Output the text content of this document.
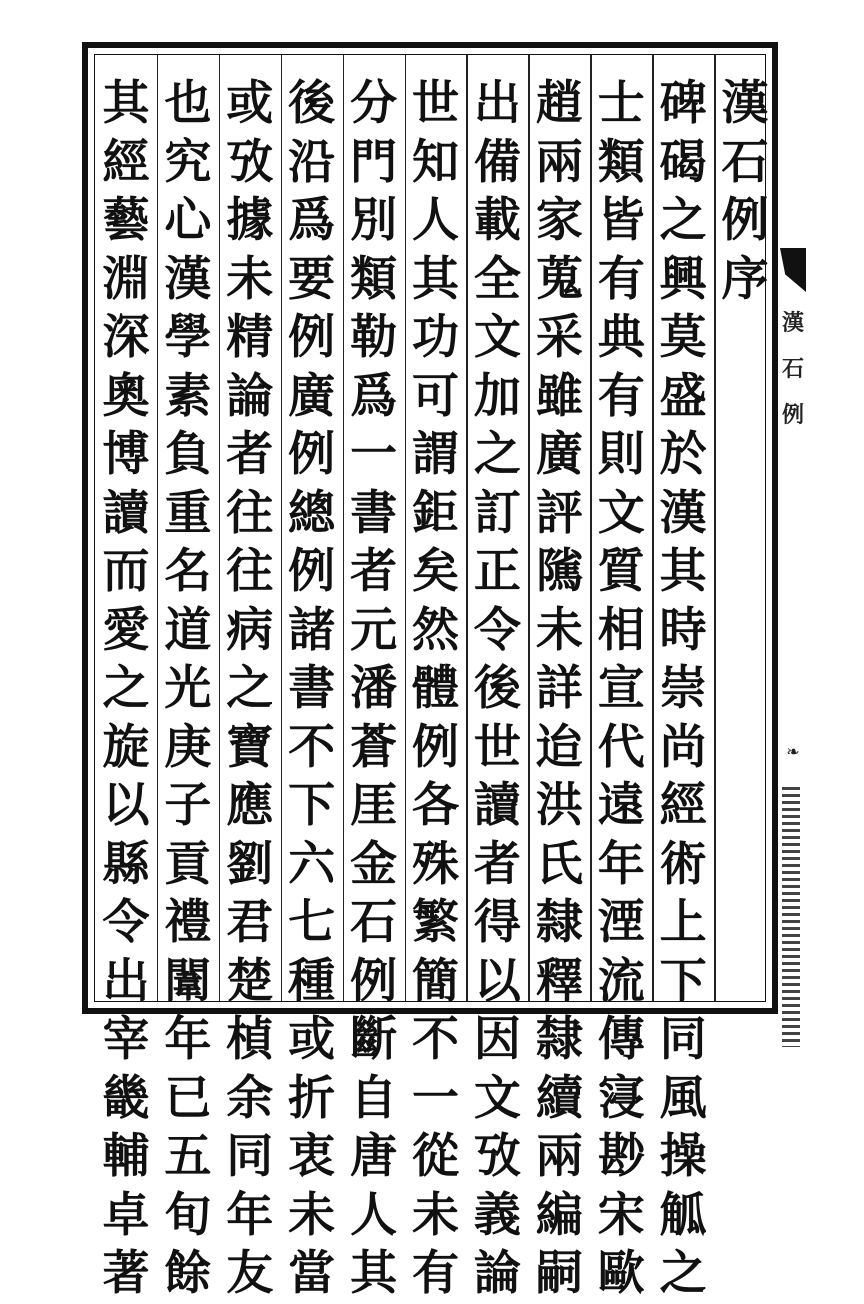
漢
石
例
序
碑
碣
之
興
莫
盛
於
漢
其
時
崇
尚
經
術
上
下
同
風
操
觚
之
士
類
皆
有
典
有
則
文
質
相
宣
代
遠
年
湮
流
傳
寖
尠
宋
歐
趙
兩
家
蒐
采
雖
廣
評
隲
未
詳
迨
洪
氏
隸
釋
隸
續
兩
編
嗣
出
備
載
全
文
加
之
訂
正
令
後
世
讀
者
得
以
因
文
攷
義
論
世
知
人
其
功
可
謂
鉅
矣
然
體
例
各
殊
繁
簡
不
一
從
未
有
分
門
別
類
勒
爲
一
書
者
元
潘
蒼
厓
金
石
例
斷
自
唐
人
其
後
沿
爲
要
例
廣
例
總
例
諸
書
不
下
六
七
種
或
折
衷
未
當
或
攷
據
未
精
論
者
往
往
病
之
寶
應
劉
君
楚
楨
余
同
年
友
也
究
心
漢
學
素
負
重
名
道
光
庚
子
貢
禮
闈
年
已
五
旬
餘
其
經
藝
淵
深
奧
博
讀
而
愛
之
旋
以
縣
令
出
宰
畿
輔
卓
著
漢
石
例
❧
